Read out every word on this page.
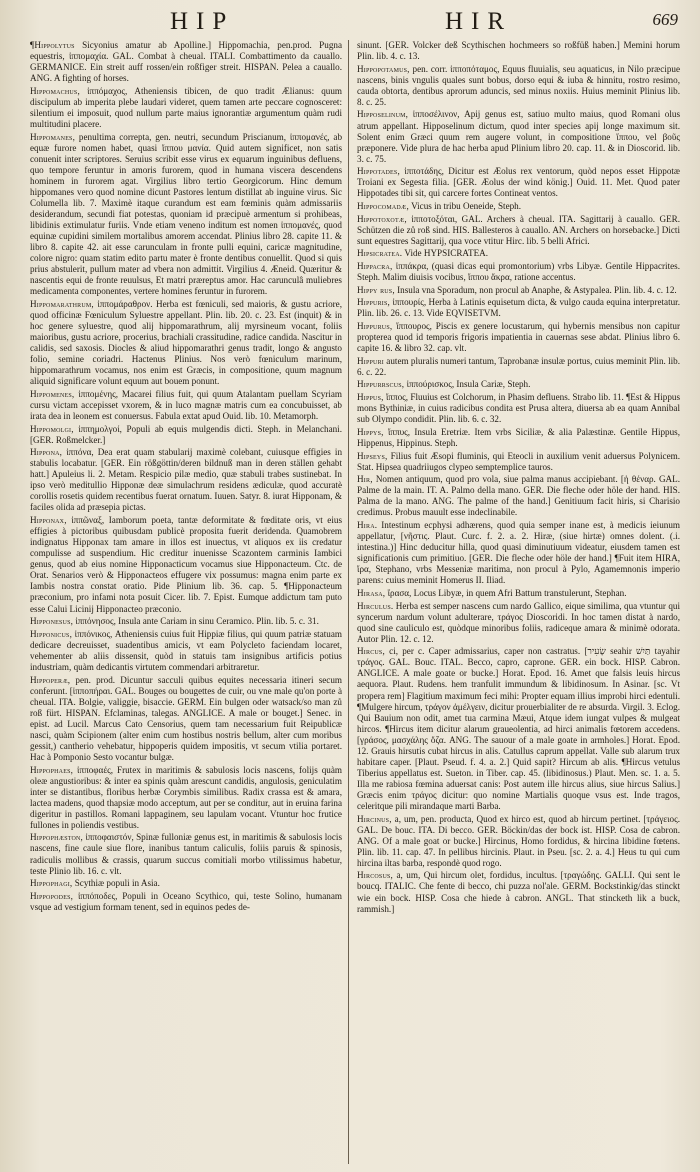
HIP	HIR	669

¶Hippolytus Sicyonius amatur ab Apolline.] Hippomachia, pen.prod. Pugna equestris, ἱππομαχία. GAL. Combat à cheual. ITALI. Combattimento da cauallo. GERMANICE. Ein streit auff rossen/ein roßfiger streit. HISPAN. Pelea a cauallo. ANG. A fighting of horses.

Hippomachus, ἱππόμαχος, Atheniensis tibicen, de quo tradit Ælianus: quum discipulum ab imperita plebe laudari videret, quem tamen arte peccare cognosceret: silentium ei imposuit, quod nullum parte maius ignorantiæ argumentum quàm rudi multitudini placere.

Hippomanes, penultima correpta, gen. neutri, secundum Priscianum, ἱππομανές, ab equæ furore nomen habet, quasi ἵππου μανία. Quid autem significet, non satis conuenit inter scriptores. Seruius scribit esse virus ex equarum inguinibus defluens, quo tempore feruntur in amoris furorem, quod in humana viscera descendens hominem in furorem agat. Virgilius libro tertio Georgicorum. Hinc demum hippomanes vero quod nomine dicunt Pastores lentum distillat ab inguine virus. Sic Columella lib. 7. Maximè itaque curandum est eam fœminis quàm admissariis desiderandum, secundi fiat potestas, quoniam id præcipuè armentum si prohibeas, libidinis extimulatur furiis. Vnde etiam veneno inditum est nomen ἱππομανές, quod equinæ cupidini similem mortalibus amorem accendat. Plinius libro 28. capite 11. & libro 8. capite 42. ait esse carunculam in fronte pulli equini, caricæ magnitudine, colore nigro: quam statim edito partu mater è fronte dentibus conuellit. Quod si quis prius abstulerit, pullum mater ad vbera non admittit. Virgilius 4. Æneid. Quæritur & nascentis equi de fronte reuulsus, Et matri præreptus amor. Hac carunculâ muliebres medicamenta componentes, vertere homines feruntur in furorem.

Hippomarathrum, ἱππομάραθρον. Herba est fœniculi, sed maioris, & gustu acriore, quod officinæ Fœniculum Syluestre appellant. Plin. lib. 20. c. 23. Est (inquit) & in hoc genere syluestre, quod alij hippomarathrum, alij myrsineum vocant, foliis maioribus, gustu acriore, procerius, brachiali crassitudine, radice candida. Nascitur in calidis, sed saxosis. Diocles & aliud hippomarathri genus tradit, longo & angusto folio, semine coriadri. Hactenus Plinius. Nos verò fœniculum marinum, hippomarathrum vocamus, nos enim est Græcis, in compositione, quum magnum aliquid significare volunt equum aut bouem ponunt.

Hippomenes, ἱππομένης, Macarei filius fuit, qui quum Atalantam puellam Scyriam cursu victam accepisset vxorem, & in luco magnæ matris cum ea concubuisset, ab irata dea in leonem est conuersus. Fabula extat apud Ouid. lib. 10. Metamorph.

Hippomolgi, ἱππημολγοί, Populi ab equis mulgendis dicti. Steph. in Melanchani. [GER. Roßmelcker.]

Hippona, ἱππόνα, Dea erat quam stabularij maximè colebant, cuiusque effigies in stabulis locabatur. [GER. Ein rößgöttin/deren bildnuß man in deren ställen gehabt hatt.] Apuleius li. 2. Metam. Respicio pilæ medio, quæ stabuli trabes sustinebat. In ipso verò meditullio Hipponæ deæ simulachrum residens ædiculæ, quod accuratè corollis rosetis quidem recentibus fuerat ornatum. Iuuen. Satyr. 8. iurat Hipponam, & faciles olida ad præsepia pictas.

Hipponax, ἱππῶναξ, Iamborum poeta, tantæ deformitate & fœditate oris, vt eius effigies à pictoribus quibusdam publicè proposita fuerit deridenda. Quamobrem indignatus Hipponax tam amare in illos est inuectus, vt aliquos ex iis credatur compulisse ad suspendium. Hic creditur inuenisse Scazontem carminis Iambici genus, quod ab eius nomine Hipponacticum vocamus siue Hipponacteum. Ctc. de Orat. Senarios verò & Hipponacteos effugere vix possumus: magna enim parte ex Iambis nostra constat oratio. Pide Plinium lib. 36. cap. 5. ¶Hipponacteum præconium, pro infami nota posuit Cicer. lib. 7. Epist. Eumque addictum tam puto esse Calui Licinij Hipponacteo præconio.

Hipponesus, ἱππόνησος, Insula ante Cariam in sinu Ceramico. Plin. lib. 5. c. 31.

Hipponicus, ἱππόνικος, Atheniensis cuius fuit Hippiæ filius, qui quum patriæ statuam dedicare decreuisset, suadentibus amicis, vt eam Polycleto faciendam locaret, vehementer ab aliis dissensit, quòd in statuis tam insignibus artificis potius industriam, quàm dedicantis virtutem commendari arbitraretur.

Hippoperæ, pen. prod. Dicuntur sacculi quibus equites necessaria itineri secum conferunt. [ἱπποπήραι. GAL. Bouges ou bougettes de cuir, ou vne male qu'on porte à cheual. ITA. Bolgie, valiggie, bisaccie. GERM. Ein bulgen oder watsack/so man zů roß fürt. HISPAN. Efclaminas, talegas. ANGLICE. A male or bouget.] Senec. in epist. ad Lucil. Marcus Cato Censorius, quem tam necessarium fuit Reipublicæ nasci, quàm Scipionem (alter enim cum hostibus nostris bellum, alter cum moribus gessit,) cantherio vehebatur, hippoperis quidem impositis, vt secum vtilia portaret. Hac à Pomponio Sesto vocantur bulgæ.

Hippophaes, ἱπποφαές, Frutex in maritimis & sabulosis locis nascens, folijs quàm oleæ angustioribus: & inter ea spinis quàm arescunt candidis, angulosis, geniculatim inter se distantibus, floribus herbæ Corymbis similibus. Radix crassa est & amara, lactea madens, quod thapsiæ modo acceptum, aut per se conditur, aut in eruina farina digeritur in pastillos. Romani lappaginem, seu lapulam vocant. Vtuntur hoc frutice fullones in poliendis vestibus.

Hippophæston, ἱπποφαιστόν, Spinæ fulloniæ genus est, in maritimis & sabulosis locis nascens, fine caule siue flore, inanibus tantum caliculis, foliis paruis & spinosis, radiculis mollibus & crassis, quarum succus comitiali morbo vtilissimus habetur, teste Plinio lib. 16. c. vlt.

Hippophagi, Scythiæ populi in Asia.

Hippopodes, ἱππόποδες, Populi in Oceano Scythico, qui, teste Solino, humanam vsque ad vestigium formam tenent, sed in equinos pedes de-

sinunt. [GER. Volcker deß Scythischen hochmeers so roßfüß haben.] Memini horum Plin. lib. 4. c. 13.

Hippopotamus, pen. corr. ἱπποπόταμος, Equus fluuialis, seu aquaticus, in Nilo præcipue nascens, binis vngulis quales sunt bobus, dorso equi & iuba & hinnitu, rostro resimo, cauda obtorta, dentibus aprorum aduncis, sed minus noxiis. Huius meminit Plinius lib. 8. c. 25.

Hipposelinum, ἱπποσέλινον, Apij genus est, satiuo multo maius, quod Romani olus atrum appellant. Hipposelinum dictum, quod inter species apij longe maximum sit. Solent enim Græci quum rem augere volunt, in compositione ἵππου, vel βοῦς præponere. Vide plura de hac herba apud Plinium libro 20. cap. 11. & in Dioscorid. lib. 3. c. 75.

Hippotades, ἱπποτάδης, Dicitur est Æolus rex ventorum, quòd nepos esset Hippotæ Troiani ex Segesta filia. [GER. Æolus der wind könig.] Ouid. 11. Met. Quod pater Hippotades tibi sit, qui carcere fortes Contineat ventos.

Hippocomadæ, Vicus in tribu Oeneide, Steph.

Hippotoxotæ, ἱπποτοξόται, GAL. Archers à cheual. ITA. Sagittarij à cauallo. GER. Schützen die zů roß sind. HIS. Ballesteros à cauallo. AN. Archers on horsebacke.] Dicti sunt equestres Sagittarij, qua voce vtitur Hirc. lib. 5 belli Africi.

Hipsicratea. Vide HYPSICRATEA.

Hippacra, ἱππάκρα, (quasi dicas equi promontorium) vrbs Libyæ. Gentile Hippacrites. Steph. Malim diuisis vocibus, ἵππου ἄκρα, ratione accentus.

Hippy rus, Insula vna Sporadum, non procul ab Anaphe, & Astypalea. Plin. lib. 4. c. 12.

Hippuris, ἱππουρίς, Herba à Latinis equisetum dicta, & vulgo cauda equina interpretatur. Plin. lib. 26. c. 13. Vide EQVISETVM.

Hippurus, ἵππουρος, Piscis ex genere locustarum, qui hybernis mensibus non capitur propterea quod id temporis frigoris impatientia in cauernas sese abdat. Plinius libro 6. capite 16. & libro 32. cap. vlt.

Hippuri autem pluralis numeri tantum, Taprobanæ insulæ portus, cuius meminit Plin. lib. 6. c. 22.

Hippurrscus, ἱππούρισκος, Insula Cariæ, Steph.

Hippus, ἵππος, Fluuius est Colchorum, in Phasim defluens. Strabo lib. 11. ¶Est & Hippus mons Bythiniæ, in cuius radicibus condita est Prusa altera, diuersa ab ea quam Annibal sub Olympo condidit. Plin. lib. 6. c. 32.

Hippys, ἵππυς, Insula Eretriæ. Item vrbs Siciliæ, & alia Palæstinæ. Gentile Hippus, Hippenus, Hippinus. Steph.

Hipseys, Filius fuit Æsopi fluminis, qui Eteocli in auxilium venit aduersus Polynicem. Stat. Hipsea quadriiugos clypeo semptemplice tauros.

Hir, Nomen antiquum, quod pro vola, siue palma manus accipiebant. [ἡ θέναρ. GAL. Palme de la main. IT. A. Palmo della mano. GER. Die fleche oder höle der hand. HIS. Palma de la mano. ANG. The palme of the hand.] Genitiuum facit hiris, si Charisio credimus. Probus mauult esse indeclinabile.

Hira. Intestinum ecphysi adhærens, quod quia semper inane est, à medicis ieiunum appellatur, [νῆστις. Plaut. Curc. f. 2. a. 2. Hiræ, (siue hirtæ) omnes dolent. (.i. intestina.)] Hinc deducitur hilla, quod quasi diminutiuum videatur, eiusdem tamen est significationis cum primitiuo. [GER. Die fleche oder höle der hand.] ¶Fuit item HIRA, ἵρα, Stephano, vrbs Messeniæ maritima, non procul à Pylo, Agamemnonis imperio parens: cuius meminit Homerus II. Iliad.

Hirasa, ἴρασα, Locus Libyæ, in quem Afri Battum transtulerunt, Stephan.

Hirculus. Herba est semper nascens cum nardo Gallico, eique similima, qua vtuntur qui syncerum nardum volunt adulterare, τράγος Dioscoridi. In hoc tamen distat à nardo, quod sine cauliculo est, quòdque minoribus foliis, radiceque amara & minimè odorata. Autor Plin. 12. c. 12.

Hircus, ci, per c. Caper admissarius, caper non castratus. [שָׂעִיר seahir תַּיִשׁ tayahir τράγος. GAL. Bouc. ITAL. Becco, capro, caprone. GER. ein bock. HISP. Cabron. ANGLICE. A male goate or bucke.] Horat. Epod. 16. Amet que falsis leuis hircus aequora. Plaut. Rudens. hem tranfulit immundum & libidinosum. In Asinar. [sc. Vt propera rem] Flagitium maximum feci mihi: Propter equam illius improbi hirci edentuli. ¶Mulgere hircum, τράγον ἀμέλγειν, dicitur prouerbialiter de re absurda. Virgil. 3. Eclog. Qui Bauium non odit, amet tua carmina Mæui, Atque idem iungat vulpes & mulgeat hircos. ¶Hircus item dicitur alarum graueolentia, ad hirci animalis fœtorem accedens. [γράσος, μασχάλης ὄζα. ANG. The sauour of a male goate in armholes.] Horat. Epod. 12. Grauis hirsutis cubat hircus in alis. Catullus caprum appellat. Valle sub alarum trux habitare caper. [Plaut. Pseud. f. 4. a. 2.] Quid sapit? Hircum ab alis. ¶Hircus vetulus Tiberius appellatus est. Sueton. in Tiber. cap. 45. (libidinosus.) Plaut. Men. sc. 1. a. 5. Illa me rabiosa fœmina aduersat canis: Post autem ille hircus alius, siue hircus Salius.] Græcis enim τράγος dicitur: quo nomine Martialis quoque vsus est. Inde tragos, celeritque pili mirandaque marti Barba.

Hircinus, a, um, pen. producta, Quod ex hirco est, quod ab hircum pertinet. [τράγειος. GAL. De bouc. ITA. Di becco. GER. Böckin/das der bock ist. HISP. Cosa de cabron. ANG. Of a male goat or bucke.] Hircinus, Homo fordidus, & hircina libidine fœtens. Plin. lib. 11. cap. 47. In pellibus hircinis. Plaut. in Pseu. [sc. 2. a. 4.] Heus tu qui cum hircina iltas barba, respondè quod rogo.

Hircosus, a, um, Qui hircum olet, fordidus, incultus. [τραγώδης. GALLI. Qui sent le boucq. ITALIC. Che fente di becco, chi puzza nol'ale. GERM. Bockstinkig/das stinckt wie ein bock. HISP. Cosa che hiede à cabron. ANGL. That stincketh lik a buck, rammish.]
